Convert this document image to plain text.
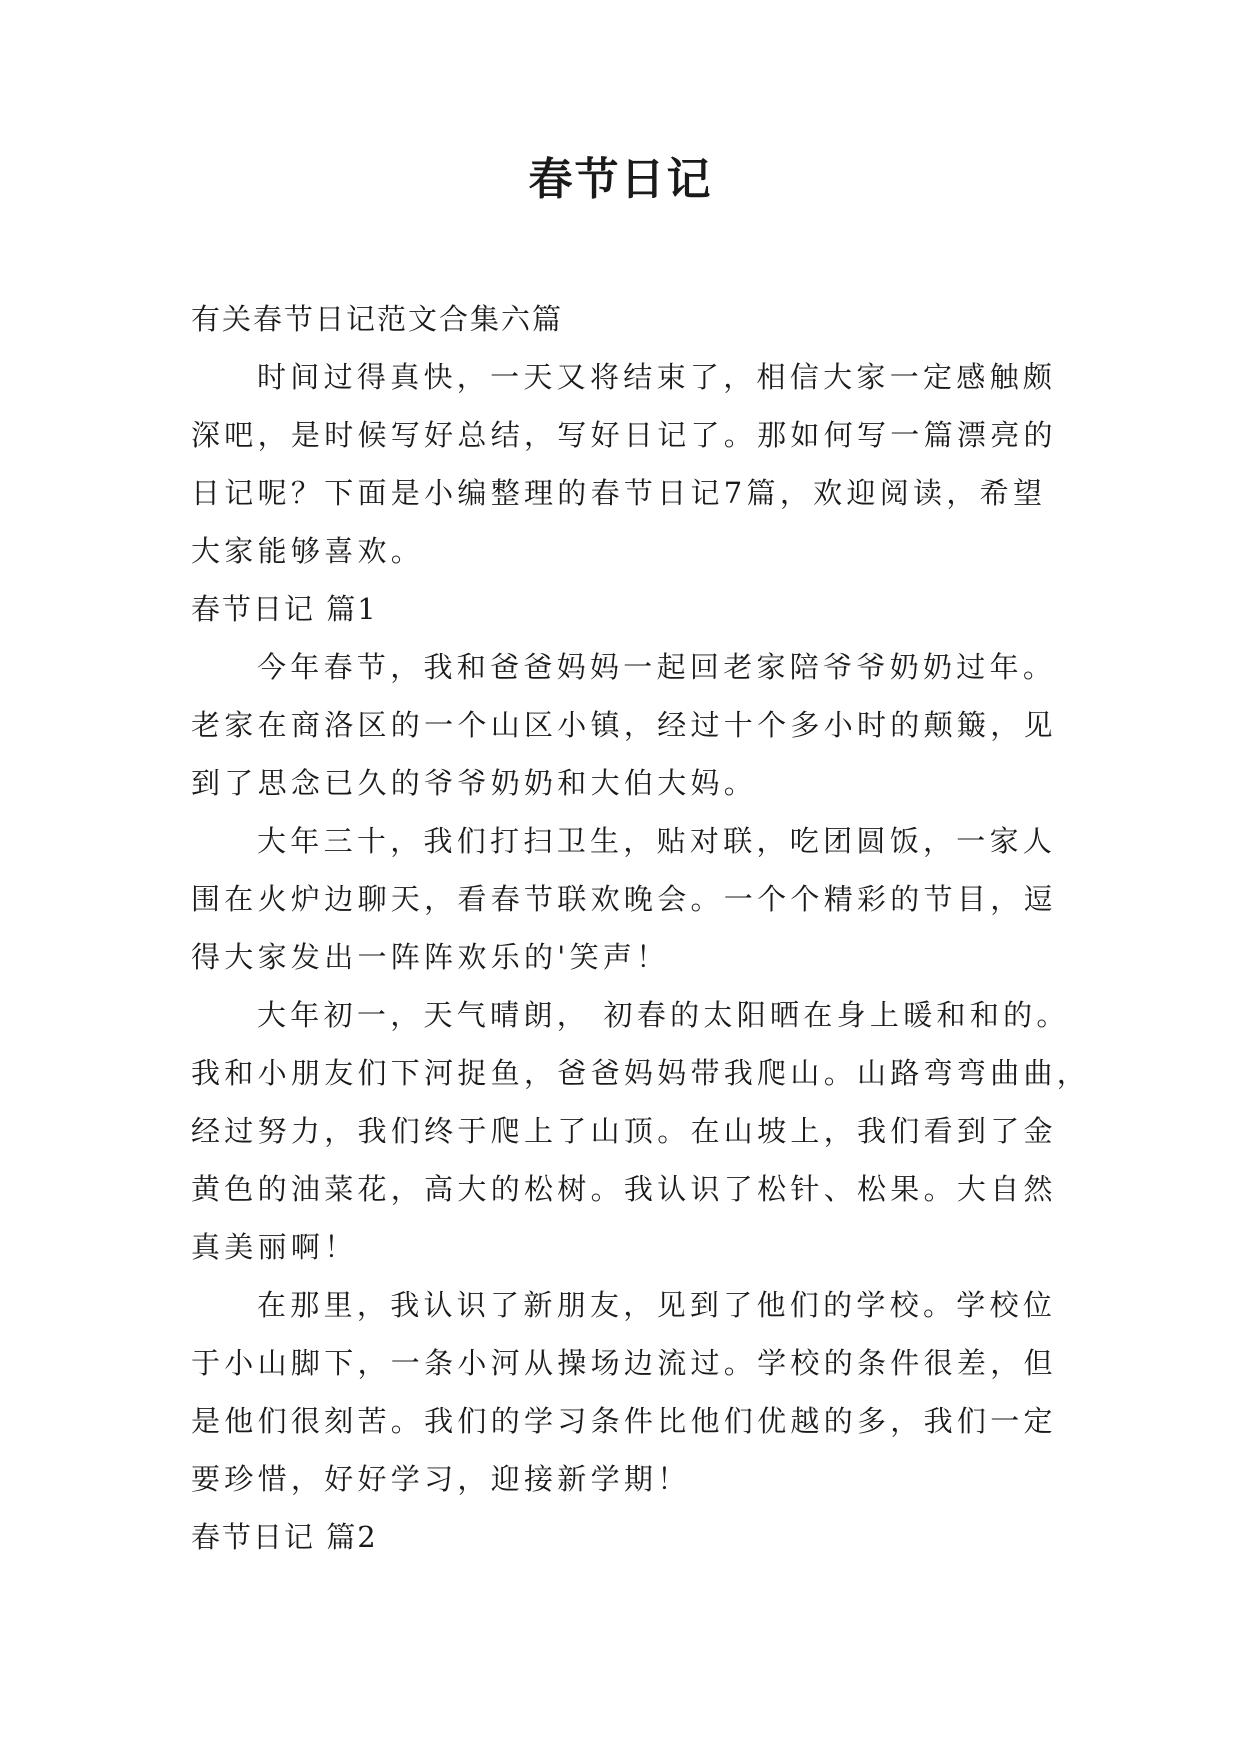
春节日记

有关春节日记范文合集六篇

时间过得真快，一天又将结束了，相信大家一定感触颇

深吧，是时候写好总结，写好日记了。那如何写一篇漂亮的

日记呢？下面是小编整理的春节日记7篇，欢迎阅读，希望

大家能够喜欢。

春节日记 篇1

今年春节，我和爸爸妈妈一起回老家陪爷爷奶奶过年。

老家在商洛区的一个山区小镇，经过十个多小时的颠簸，见

到了思念已久的爷爷奶奶和大伯大妈。

大年三十，我们打扫卫生，贴对联，吃团圆饭，一家人

围在火炉边聊天，看春节联欢晚会。一个个精彩的节目，逗

得大家发出一阵阵欢乐的'笑声！

大年初一，天气晴朗， 初春的太阳晒在身上暖和和的。

我和小朋友们下河捉鱼，爸爸妈妈带我爬山。山路弯弯曲曲，

经过努力，我们终于爬上了山顶。在山坡上，我们看到了金

黄色的油菜花，高大的松树。我认识了松针、松果。大自然

真美丽啊！

在那里，我认识了新朋友，见到了他们的学校。学校位

于小山脚下，一条小河从操场边流过。学校的条件很差，但

是他们很刻苦。我们的学习条件比他们优越的多，我们一定

要珍惜，好好学习，迎接新学期！

春节日记 篇2
